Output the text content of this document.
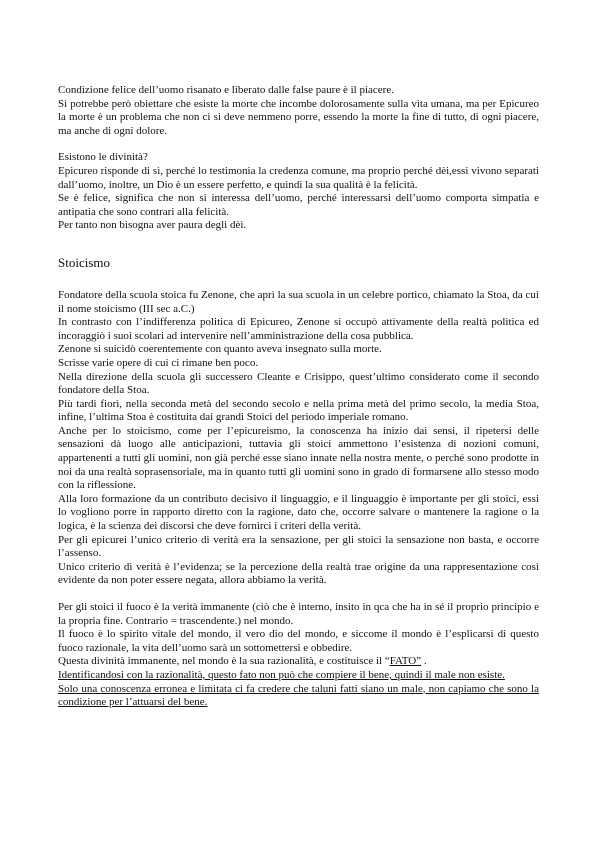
Condizione felice dell’uomo risanato e liberato dalle false paure è il piacere.

Si potrebbe però obiettare che esiste la morte che incombe dolorosamente sulla vita umana, ma per Epicureo la morte è un problema che non ci si deve nemmeno porre, essendo la morte la fine di tutto, di ogni piacere, ma anche di ogni dolore.

Esistono le divinità?

Epicureo risponde di sì, perché lo testimonia la credenza comune, ma proprio perché dèi,essi vivono separati dall’uomo, inoltre, un Dio è un essere perfetto, e quindi la sua qualità è la felicità.

Se è felice, significa che non si interessa dell’uomo, perché interessarsi dell’uomo comporta simpatia e antipatia che sono contrari alla felicità.

Per tanto non bisogna aver paura degli dèi.

Stoicismo

Fondatore della scuola stoica fu Zenone, che aprì la sua scuola in un celebre portico, chiamato la Stoa, da cui il nome stoicismo (III sec a.C.)

In contrasto con l’indifferenza politica di Epicureo, Zenone si occupò attivamente della realtà politica ed incoraggiò i suoi scolari ad intervenire nell’amministrazione della cosa pubblica.

Zenone si suicidò coerentemente con quanto aveva insegnato sulla morte.

Scrisse varie opere di cui ci rimane ben poco.

Nella direzione della scuola gli successero Cleante e Crisippo, quest’ultimo considerato come il secondo fondatore della Stoa.

Più tardi fiorì, nella seconda metà del secondo secolo e nella prima metà del primo secolo, la media Stoa, infine, l’ultima Stoa è costituita dai grandi Stoici del periodo imperiale romano.

Anche per lo stoicismo, come per l’epicureismo, la conoscenza ha inizio dai sensi, il ripetersi delle sensazioni dà luogo alle anticipazioni, tuttavia gli stoici ammettono l’esistenza di nozioni comuni, appartenenti a tutti gli uomini, non già perché esse siano innate nella nostra mente, o perché sono prodotte in noi da una realtà soprasensoriale, ma in quanto tutti gli uomini sono in grado di formarsene allo stesso modo con la riflessione.

Alla loro formazione da un contributo decisivo il linguaggio, e il linguaggio è importante per gli stoici, essi lo vogliono porre in rapporto diretto con la ragione, dato che, occorre salvare o mantenere la ragione o la logica, è la scienza dei discorsi che deve fornirci i criteri della verità.

Per gli epicurei l’unico criterio di verità era la sensazione, per gli stoici la sensazione non basta, e occorre l’assenso.

Unico criterio di verità è l’evidenza; se la percezione della realtà trae origine da una rappresentazione così evidente da non poter essere negata, allora abbiamo la verità.

Per gli stoici il fuoco è la verità immanente (ciò che è interno, insito in qca che ha in sé il proprio principio e la propria fine. Contrario = trascendente.) nel mondo.

Il fuoco è lo spirito vitale del mondo, il vero dio del mondo, e siccome il mondo è l’esplicarsi di questo fuoco razionale, la vita dell’uomo sarà un sottomettersi e obbedire.

Questa divinità immanente, nel mondo è la sua razionalità, e costituisce il “FATO” .

Identificandosi con la razionalità, questo fato non può che compiere il bene, quindi il male non esiste.

Solo una conoscenza erronea e limitata ci fa credere che taluni fatti siano un male, non capiamo che sono la condizione per l’attuarsi del bene.
